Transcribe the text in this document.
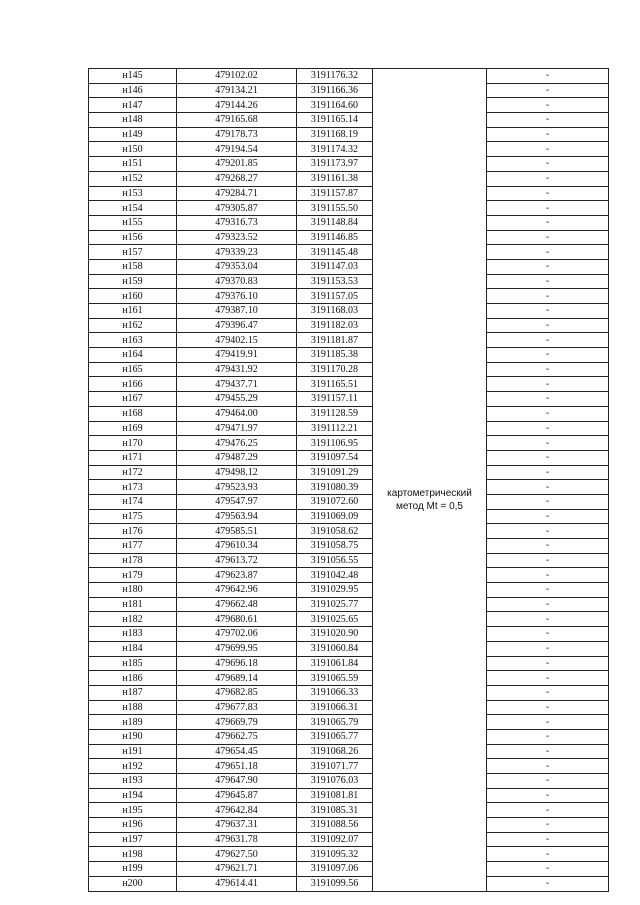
н145	479102.02	3191176.32	картометрический
метод Mt = 0,5	-
н146	479134.21	3191166.36		-
н147	479144.26	3191164.60		-
н148	479165.68	3191165.14		-
н149	479178.73	3191168.19		-
н150	479194.54	3191174.32		-
н151	479201.85	3191173.97		-
н152	479268.27	3191161.38		-
н153	479284.71	3191157.87		-
н154	479305.87	3191155.50		-
н155	479316.73	3191148.84		-
н156	479323.52	3191146.85		-
н157	479339.23	3191145.48		-
н158	479353.04	3191147.03		-
н159	479370.83	3191153.53		-
н160	479376.10	3191157.05		-
н161	479387.10	3191168.03		-
н162	479396.47	3191182.03		-
н163	479402.15	3191181.87		-
н164	479419.91	3191185.38		-
н165	479431.92	3191170.28		-
н166	479437.71	3191165.51		-
н167	479455.29	3191157.11		-
н168	479464.00	3191128.59		-
н169	479471.97	3191112.21		-
н170	479476.25	3191106.95		-
н171	479487.29	3191097.54		-
н172	479498.12	3191091.29		-
н173	479523.93	3191080.39		-
н174	479547.97	3191072.60		-
н175	479563.94	3191069.09		-
н176	479585.51	3191058.62		-
н177	479610.34	3191058.75		-
н178	479613.72	3191056.55		-
н179	479623.87	3191042.48		-
н180	479642.96	3191029.95		-
н181	479662.48	3191025.77		-
н182	479680.61	3191025.65		-
н183	479702.06	3191020.90		-
н184	479699.95	3191060.84		-
н185	479696.18	3191061.84		-
н186	479689.14	3191065.59		-
н187	479682.85	3191066.33		-
н188	479677.83	3191066.31		-
н189	479669.79	3191065.79		-
н190	479662.75	3191065.77		-
н191	479654.45	3191068.26		-
н192	479651.18	3191071.77		-
н193	479647.90	3191076.03		-
н194	479645.87	3191081.81		-
н195	479642.84	3191085.31		-
н196	479637.31	3191088.56		-
н197	479631.78	3191092.07		-
н198	479627.50	3191095.32		-
н199	479621.71	3191097.06		-
н200	479614.41	3191099.56		-
